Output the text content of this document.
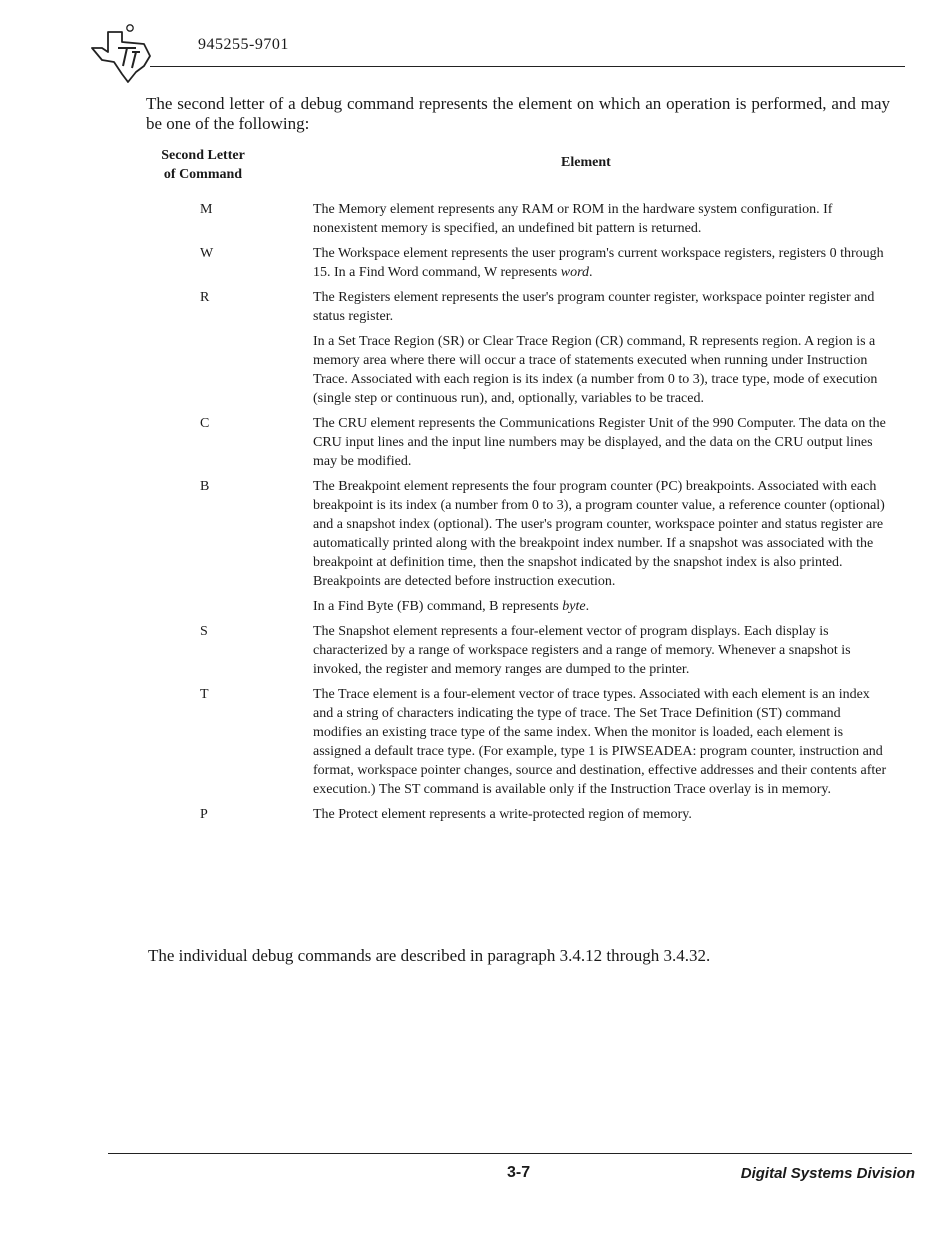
945255-9701
The second letter of a debug command represents the element on which an operation is performed, and may be one of the following:
Second Letter
of Command
Element
M	The Memory element represents any RAM or ROM in the hardware system configuration. If nonexistent memory is specified, an undefined bit pattern is returned.

W	The Workspace element represents the user program's current workspace registers, registers 0 through 15. In a Find Word command, W represents word.

R	The Registers element represents the user's program counter register, workspace pointer register and status register.

In a Set Trace Region (SR) or Clear Trace Region (CR) command, R represents region. A region is a memory area where there will occur a trace of statements executed when running under Instruction Trace. Associated with each region is its index (a number from 0 to 3), trace type, mode of execution (single step or continuous run), and, optionally, variables to be traced.

C	The CRU element represents the Communications Register Unit of the 990 Computer. The data on the CRU input lines and the input line numbers may be displayed, and the data on the CRU output lines may be modified.

B	The Breakpoint element represents the four program counter (PC) breakpoints. Associated with each breakpoint is its index (a number from 0 to 3), a program counter value, a reference counter (optional) and a snapshot index (optional). The user's program counter, workspace pointer and status register are automatically printed along with the breakpoint index number. If a snapshot was associated with the breakpoint at definition time, then the snapshot indicated by the snapshot index is also printed. Breakpoints are detected before instruction execution.

In a Find Byte (FB) command, B represents byte.

S	The Snapshot element represents a four-element vector of program displays. Each display is characterized by a range of workspace registers and a range of memory. Whenever a snapshot is invoked, the register and memory ranges are dumped to the printer.

T	The Trace element is a four-element vector of trace types. Associated with each element is an index and a string of characters indicating the type of trace. The Set Trace Definition (ST) command modifies an existing trace type of the same index. When the monitor is loaded, each element is assigned a default trace type. (For example, type 1 is PIWSEADEA: program counter, instruction and format, workspace pointer changes, source and destination, effective addresses and their contents after execution.) The ST command is available only if the Instruction Trace overlay is in memory.

P	The Protect element represents a write-protected region of memory.

The individual debug commands are described in paragraph 3.4.12 through 3.4.32.
3-7	Digital Systems Division
